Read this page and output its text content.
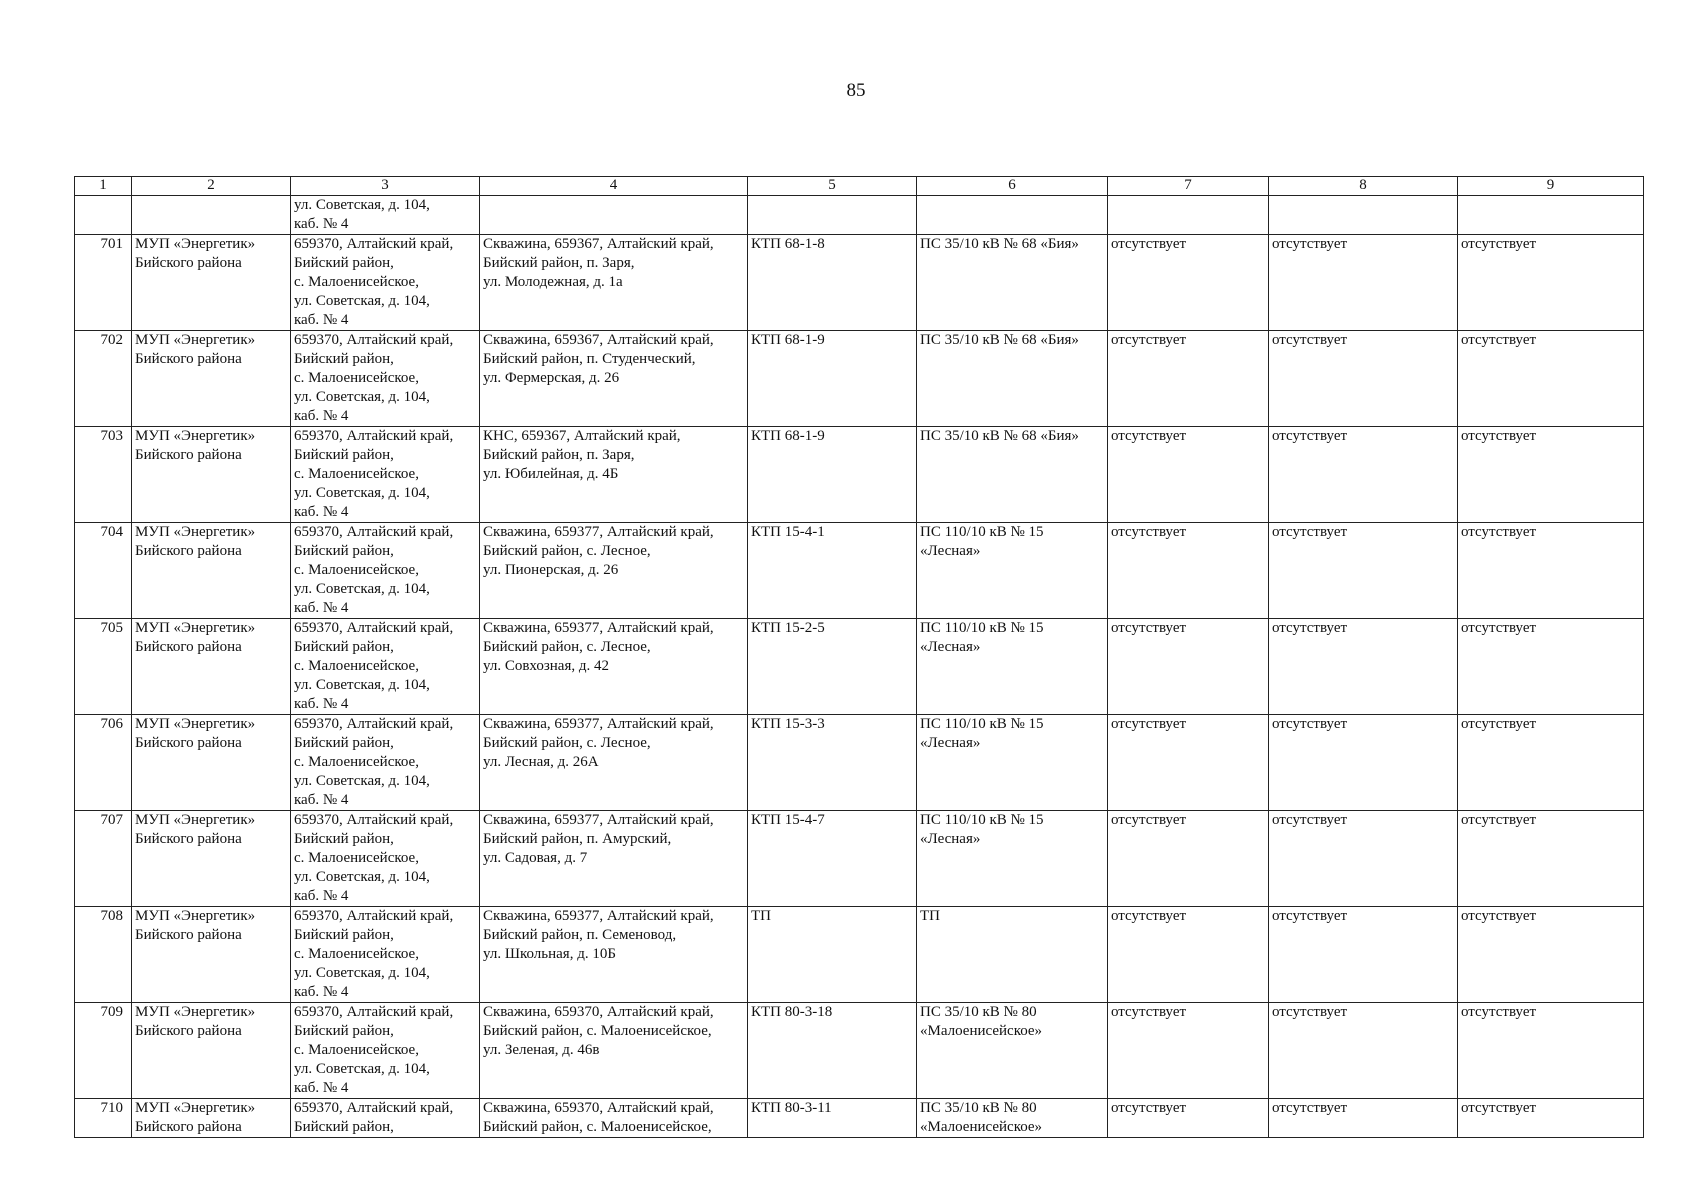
85
1	2	3	4	5	6	7	8	9

		ул. Советская, д. 104,
каб. № 4						

701	МУП «Энергетик»
Бийского района	659370, Алтайский край,
Бийский район,
с. Малоенисейское,
ул. Советская, д. 104,
каб. № 4	Скважина, 659367, Алтайский край,
Бийский район, п. Заря,
ул. Молодежная, д. 1а	КТП 68-1-8	ПС 35/10 кВ № 68 «Бия»	отсутствует	отсутствует	отсутствует
702	МУП «Энергетик»
Бийского района	659370, Алтайский край,
Бийский район,
с. Малоенисейское,
ул. Советская, д. 104,
каб. № 4	Скважина, 659367, Алтайский край,
Бийский район, п. Студенческий,
ул. Фермерская, д. 26	КТП 68-1-9	ПС 35/10 кВ № 68 «Бия»	отсутствует	отсутствует	отсутствует
703	МУП «Энергетик»
Бийского района	659370, Алтайский край,
Бийский район,
с. Малоенисейское,
ул. Советская, д. 104,
каб. № 4	КНС, 659367, Алтайский край,
Бийский район, п. Заря,
ул. Юбилейная, д. 4Б	КТП 68-1-9	ПС 35/10 кВ № 68 «Бия»	отсутствует	отсутствует	отсутствует
704	МУП «Энергетик»
Бийского района	659370, Алтайский край,
Бийский район,
с. Малоенисейское,
ул. Советская, д. 104,
каб. № 4	Скважина, 659377, Алтайский край,
Бийский район, с. Лесное,
ул. Пионерская, д. 26	КТП 15-4-1	ПС 110/10 кВ № 15
«Лесная»	отсутствует	отсутствует	отсутствует
705	МУП «Энергетик»
Бийского района	659370, Алтайский край,
Бийский район,
с. Малоенисейское,
ул. Советская, д. 104,
каб. № 4	Скважина, 659377, Алтайский край,
Бийский район, с. Лесное,
ул. Совхозная, д. 42	КТП 15-2-5	ПС 110/10 кВ № 15
«Лесная»	отсутствует	отсутствует	отсутствует
706	МУП «Энергетик»
Бийского района	659370, Алтайский край,
Бийский район,
с. Малоенисейское,
ул. Советская, д. 104,
каб. № 4	Скважина, 659377, Алтайский край,
Бийский район, с. Лесное,
ул. Лесная, д. 26А	КТП 15-3-3	ПС 110/10 кВ № 15
«Лесная»	отсутствует	отсутствует	отсутствует
707	МУП «Энергетик»
Бийского района	659370, Алтайский край,
Бийский район,
с. Малоенисейское,
ул. Советская, д. 104,
каб. № 4	Скважина, 659377, Алтайский край,
Бийский район, п. Амурский,
ул. Садовая, д. 7	КТП 15-4-7	ПС 110/10 кВ № 15
«Лесная»	отсутствует	отсутствует	отсутствует
708	МУП «Энергетик»
Бийского района	659370, Алтайский край,
Бийский район,
с. Малоенисейское,
ул. Советская, д. 104,
каб. № 4	Скважина, 659377, Алтайский край,
Бийский район, п. Семеновод,
ул. Школьная, д. 10Б	ТП	ТП	отсутствует	отсутствует	отсутствует
709	МУП «Энергетик»
Бийского района	659370, Алтайский край,
Бийский район,
с. Малоенисейское,
ул. Советская, д. 104,
каб. № 4	Скважина, 659370, Алтайский край,
Бийский район, с. Малоенисейское,
ул. Зеленая, д. 46в	КТП 80-3-18	ПС 35/10 кВ № 80
«Малоенисейское»	отсутствует	отсутствует	отсутствует
710	МУП «Энергетик»
Бийского района	659370, Алтайский край,
Бийский район,	Скважина, 659370, Алтайский край,
Бийский район, с. Малоенисейское,	КТП 80-3-11	ПС 35/10 кВ № 80
«Малоенисейское»	отсутствует	отсутствует	отсутствует
